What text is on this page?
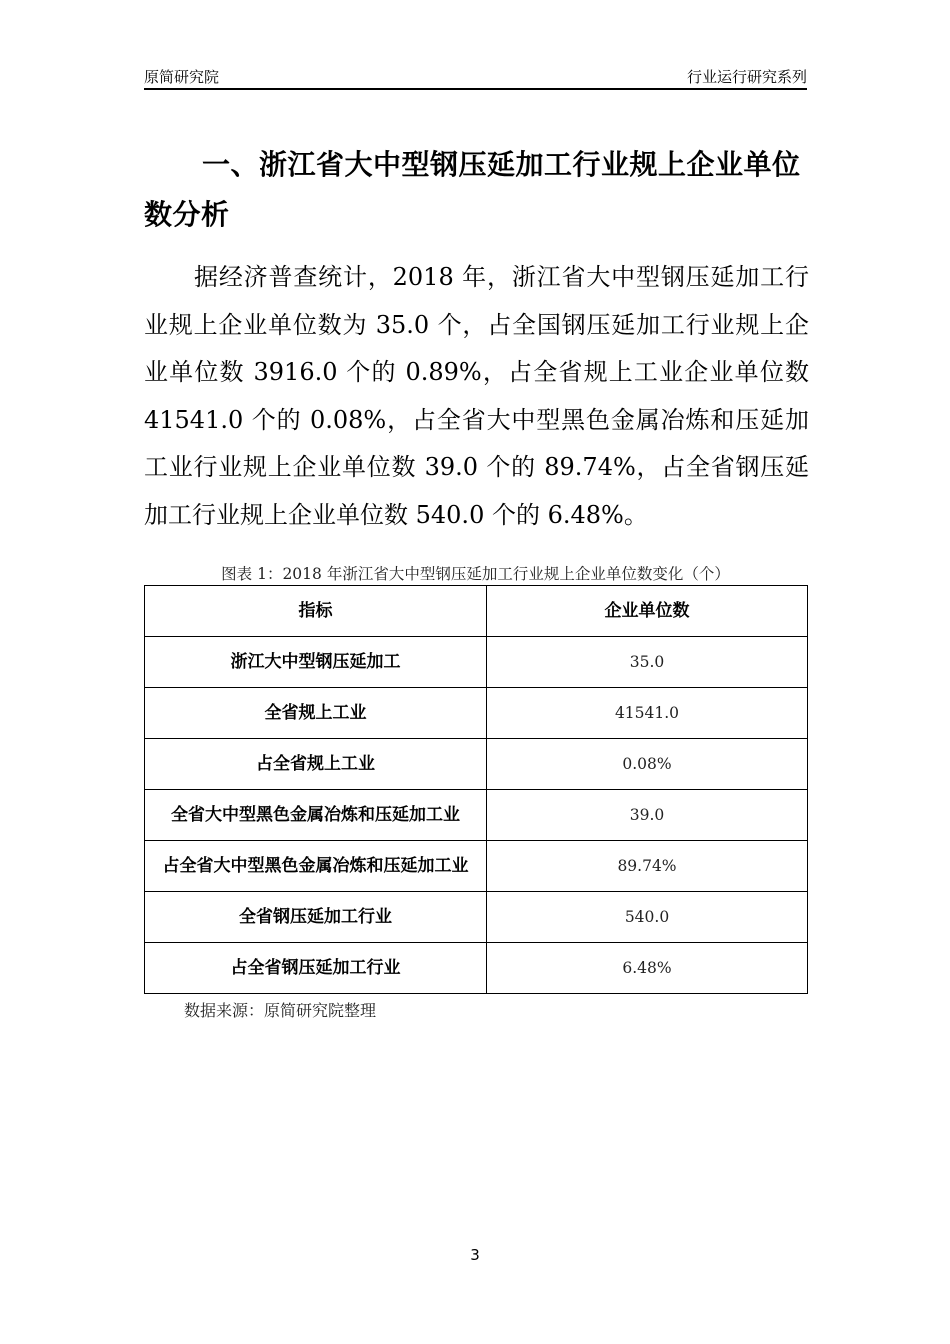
原简研究院	行业运行研究系列
一、浙江省大中型钢压延加工行业规上企业单位数分析
据经济普查统计，2018 年，浙江省大中型钢压延加工行业规上企业单位数为 35.0 个，占全国钢压延加工行业规上企业单位数 3916.0 个的 0.89%，占全省规上工业企业单位数 41541.0 个的 0.08%，占全省大中型黑色金属冶炼和压延加工业行业规上企业单位数 39.0 个的 89.74%，占全省钢压延加工行业规上企业单位数 540.0 个的 6.48%。
图表 1：2018 年浙江省大中型钢压延加工行业规上企业单位数变化（个）
指标	企业单位数
浙江大中型钢压延加工	35.0
全省规上工业	41541.0
占全省规上工业	0.08%
全省大中型黑色金属冶炼和压延加工业	39.0
占全省大中型黑色金属冶炼和压延加工业	89.74%
全省钢压延加工行业	540.0
占全省钢压延加工行业	6.48%
数据来源：原简研究院整理
3
